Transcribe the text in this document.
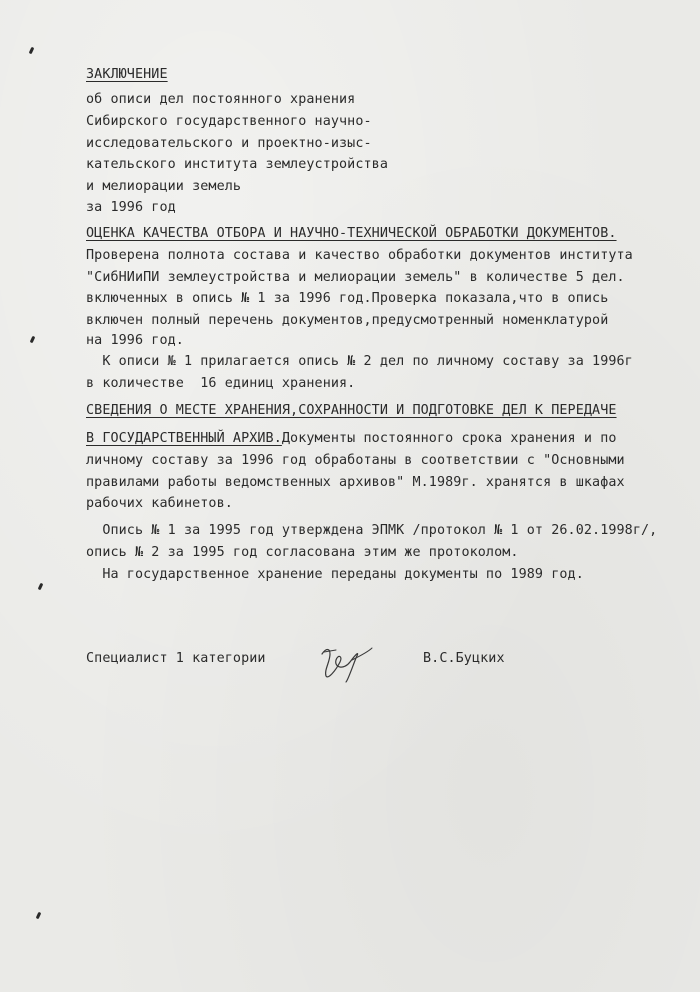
ЗАКЛЮЧЕНИЕ
об описи дел постоянного хранения
Сибирского государственного научно-
исследовательского и проектно-изыс-
кательского института землеустройства
и мелиорации земель
за 1996 год
ОЦЕНКА КАЧЕСТВА ОТБОРА И НАУЧНО-ТЕХНИЧЕСКОЙ ОБРАБОТКИ ДОКУМЕНТОВ.
Проверена полнота состава и качество обработки документов института
"СибНИиПИ землеустройства и мелиорации земель" в количестве 5 дел.
включенных в опись № 1 за 1996 год.Проверка показала,что в опись
включен полный перечень документов,предусмотренный номенклатурой
на 1996 год.
К описи № 1 прилагается опись № 2 дел по личному составу за 1996г
в количестве  16 единиц хранения.
СВЕДЕНИЯ О МЕСТЕ ХРАНЕНИЯ,СОХРАННОСТИ И ПОДГОТОВКЕ ДЕЛ К ПЕРЕДАЧЕ
В ГОСУДАРСТВЕННЫЙ АРХИВ.Документы постоянного срока хранения и по
личному составу за 1996 год обработаны в соответствии с "Основными
правилами работы ведомственных архивов" М.1989г. хранятся в шкафах
рабочих кабинетов.
Опись № 1 за 1995 год утверждена ЭПМК /протокол № 1 от 26.02.1998г/,
опись № 2 за 1995 год согласована этим же протоколом.
На государственное хранение переданы документы по 1989 год.
Специалист 1 категории	В.С.Буцких
